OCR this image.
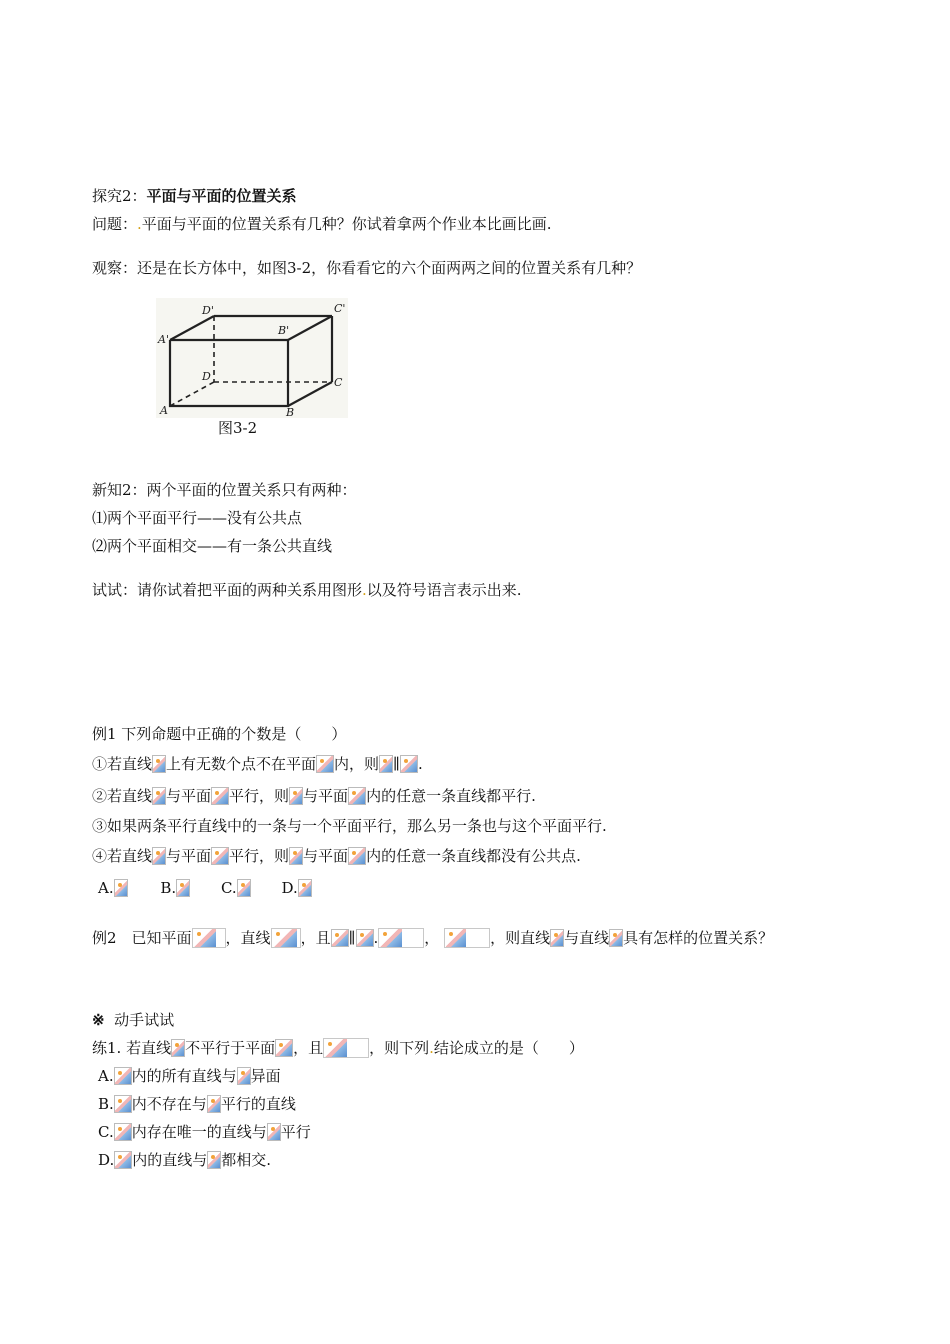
探究2：平面与平面的位置关系
问题：.平面与平面的位置关系有几种？你试着拿两个作业本比画比画.
观察：还是在长方体中，如图3-2，你看看它的六个面两两之间的位置关系有几种？
A'
D'
B'
C'
D	C
A	B
图3-2
新知2：两个平面的位置关系只有两种：
⑴两个平面平行——没有公共点
⑵两个平面相交——有一条公共直线
试试：请你试着把平面的两种关系用图形.以及符号语言表示出来.
例1 下列命题中正确的个数是（　　）
①若直线 上有无数个点不在平面 内，则 ∥ .
②若直线 与平面 平行，则 与平面 内的任意一条直线都平行.
③如果两条平行直线中的一条与一个平面平行，那么另一条也与这个平面平行.
④若直线 与平面 平行，则 与平面 内的任意一条直线都没有公共点.
A.	B.	C.	D.
例2　已知平面 ，直线 ，且 ∥ .	，	，则直线 与直线 具有怎样的位置关系？
※ 动手试试
练1. 若直线 不平行于平面 ，且	，则下列.结论成立的是（　　）
A. 内的所有直线与 异面
B. 内不存在与 平行的直线
C. 内存在唯一的直线与 平行
D. 内的直线与 都相交.
